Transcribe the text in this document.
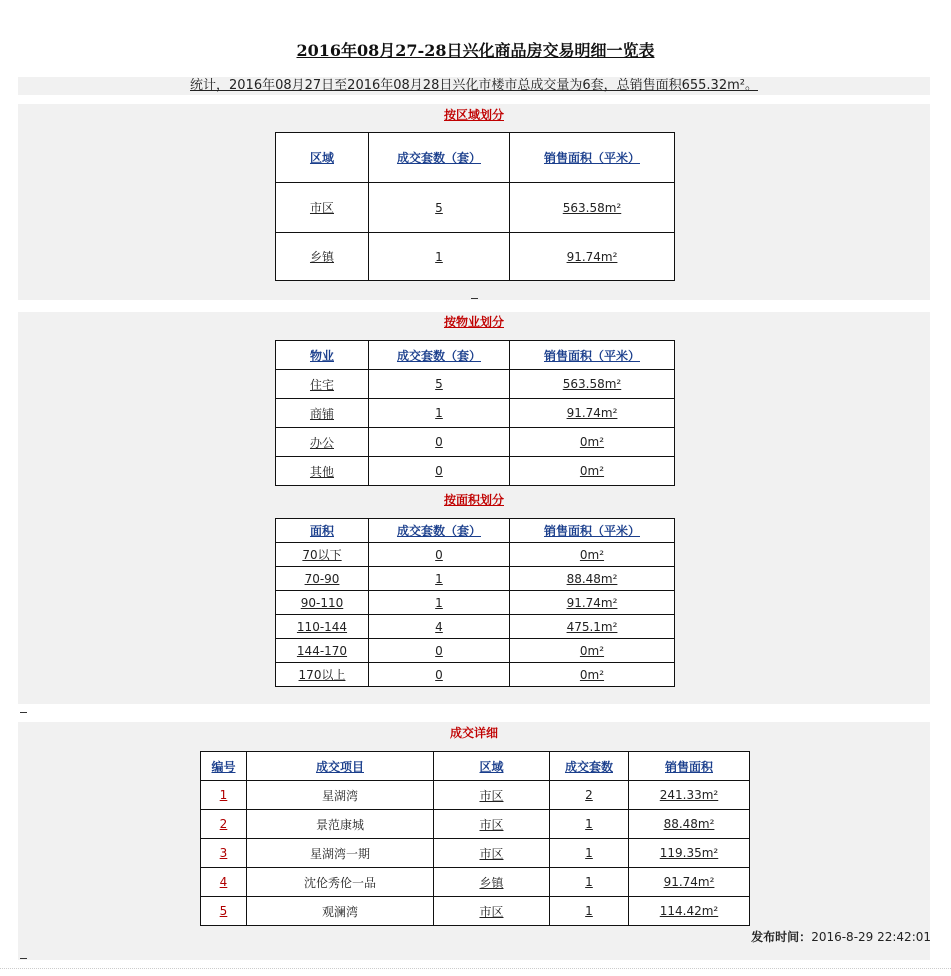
2016年08月27-28日兴化商品房交易明细一览表
统计，2016年08月27日至2016年08月28日兴化市楼市总成交量为6套，总销售面积655.32m²。
按区域划分
区域	成交套数（套）	销售面积（平米）
市区	5	563.58m²
乡镇	1	91.74m²
按物业划分
物业	成交套数（套）	销售面积（平米）
住宅	5	563.58m²
商铺	1	91.74m²
办公	0	0m²
其他	0	0m²
按面积划分
面积	成交套数（套）	销售面积（平米）
70以下	0	0m²
70-90	1	88.48m²
90-110	1	91.74m²
110-144	4	475.1m²
144-170	0	0m²
170以上	0	0m²
成交详细
编号	成交项目	区域	成交套数	销售面积
1	星湖湾	市区	2	241.33m²
2	景范康城	市区	1	88.48m²
3	星湖湾一期	市区	1	119.35m²
4	沈伦秀伦一品	乡镇	1	91.74m²
5	观澜湾	市区	1	114.42m²
发布时间：2016-8-29 22:42:01
